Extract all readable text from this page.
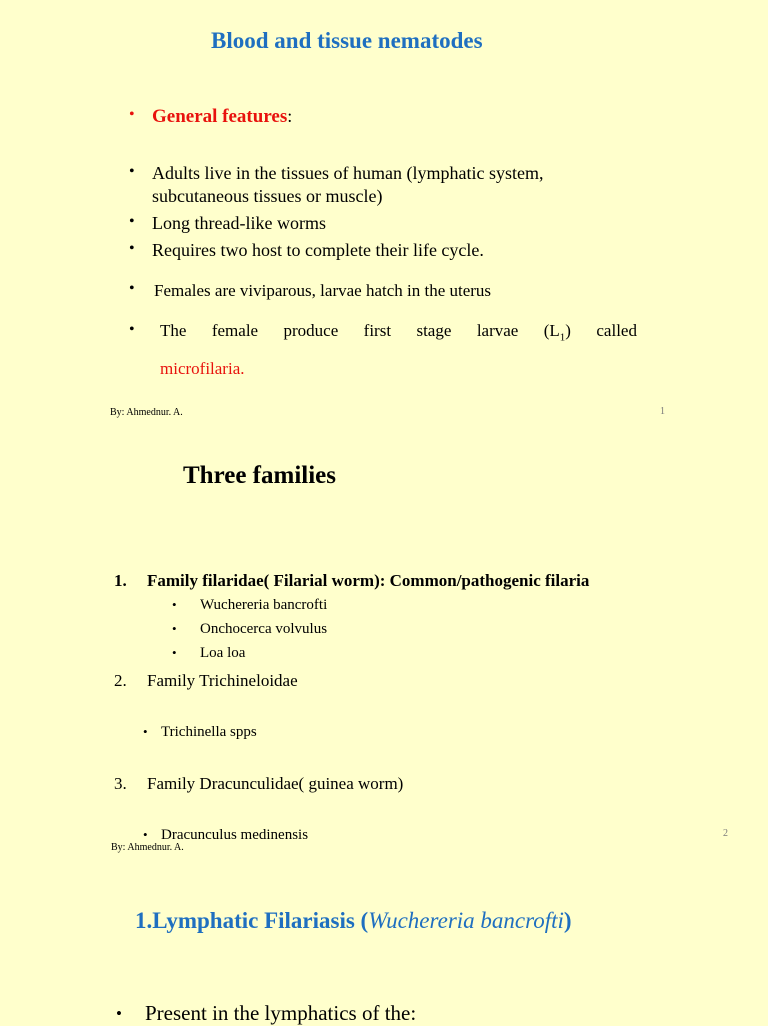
Blood and tissue nematodes
• General features:
• Adults live in the tissues of human (lymphatic system,
subcutaneous tissues or muscle)
• Long thread-like worms
• Requires two host to complete their life cycle.
• Females are viviparous, larvae hatch in the uterus
• The female produce first stage larvae $(L_1)$ called
microfilaria.
By: Ahmednur. A.	1
Three families
1. Family filaridae( Filarial worm): Common/pathogenic filaria
• Wuchereria bancrofti
• Onchocerca volvulus
• Loa loa
2. Family Trichineloidae
• Trichinella spps
3. Family Dracunculidae( guinea worm)
• Dracunculus medinensis
By: Ahmednur. A.
2
1.Lymphatic Filariasis (Wuchereria bancrofti)
• Present in the lymphatics of the:
